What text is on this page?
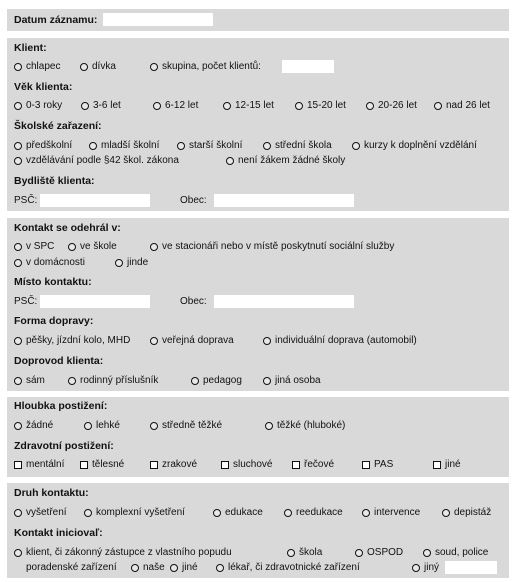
Datum záznamu:
Klient:
chlapec	dívka	skupina, počet klientů:
Věk klienta:
0-3 roky	3-6 let	6-12 let	12-15 let	15-20 let	20-26 let	nad 26 let
Školské zařazení:
předškolní	mladší školní	starší školní	střední škola	kurzy k doplnění vzdělání
vzdělávání podle §42 škol. zákona	není žákem žádné školy
Bydliště klienta:
PSČ:	Obec:
Kontakt se odehrál v:
v SPC	ve škole	ve stacionáři nebo v místě poskytnutí sociální služby
v domácnosti	jinde
Místo kontaktu:
PSČ:	Obec:
Forma dopravy:
pěšky, jízdní kolo, MHD	veřejná doprava	individuální doprava (automobil)
Doprovod klienta:
sám	rodinný příslušník	pedagog	jiná osoba
Hloubka postižení:
žádné	lehké	středně těžké	těžké (hluboké)
Zdravotní postižení:
mentální	tělesné	zrakové	sluchové	řečové	PAS	jiné
Druh kontaktu:
vyšetření	komplexní vyšetření	edukace	reedukace	intervence	depistáž
Kontakt iniciovaľ:
klient, či zákonný zástupce z vlastního popudu	škola	OSPOD	soud, police
poradenské zařízení	naše jiné	lékař, či zdravotnické zařízení	jiný
